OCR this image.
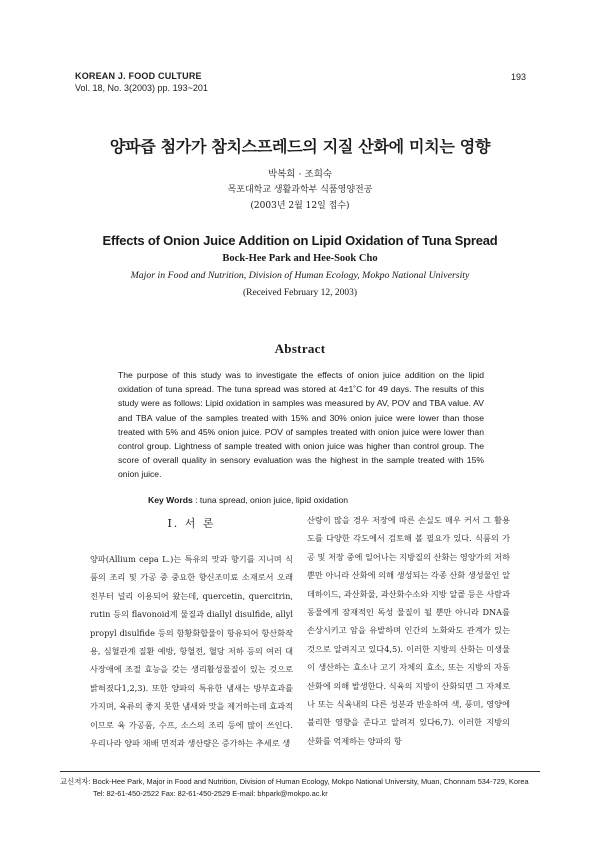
KOREAN J. FOOD CULTURE
Vol. 18, No. 3(2003) pp. 193~201
193
양파즙 첨가가 참치스프레드의 지질 산화에 미치는 영향
박복희 · 조희숙
목포대학교 생활과학부 식품영양전공
(2003년 2월 12일 접수)
Effects of Onion Juice Addition on Lipid Oxidation of Tuna Spread
Bock-Hee Park and Hee-Sook Cho
Major in Food and Nutrition, Division of Human Ecology, Mokpo National University
(Received February 12, 2003)
Abstract
The purpose of this study was to investigate the effects of onion juice addition on the lipid oxidation of tuna spread. The tuna spread was stored at 4±1˚C for 49 days. The results of this study were as follows: Lipid oxidation in samples was measured by AV, POV and TBA value. AV and TBA value of the samples treated with 15% and 30% onion juice were lower than those treated with 5% and 45% onion juice. POV of samples treated with onion juice were lower than control group. Lightness of sample treated with onion juice was higher than control group. The score of overall quality in sensory evaluation was the highest in the sample treated with 15% onion juice.
Key Words : tuna spread, onion juice, lipid oxidation
I. 서 론
양파(Allium cepa L.)는 특유의 맛과 향기를 지니며 식품의 조리 및 가공 중 중요한 향신조미료 소재로서 오래 전부터 널리 이용되어 왔는데, quercetin, quercitrin, rutin 등의 flavonoid계 물질과 diallyl disulfide, allyl propyl disulfide 등의 함황화합물이 항유되어 항산화작용, 심혈관계 질환 예방, 항혈전, 혈당 저하 등의 여러 대사장애에 조절 효능을 갖는 생리활성물질이 있는 것으로 밝혀졌다1,2,3). 또한 양파의 특유한 냄새는 방부효과를 가지며, 육류의 좋지 못한 냄새와 맛을 제거하는데 효과적이므로 육 가공품, 수프, 소스의 조리 등에 많이 쓰인다. 우리나라 양파 재배 면적과 생산량은 증가하는 추세로 생
산량이 많을 경우 저장에 따른 손실도 매우 커서 그 활용도를 다양한 각도에서 검토해 볼 필요가 있다. 식품의 가공 및 저장 중에 일어나는 지방질의 산화는 영양가의 저하뿐만 아니라 산화에 의해 생성되는 각종 산화 생성물인 알데하이드, 과산화물, 과산화수소와 지방 알콜 등은 사람과 동물에게 잠재적인 독성 물질이 될 뿐만 아니라 DNA를 손상시키고 암을 유발하며 인간의 노화와도 관계가 있는 것으로 알려지고 있다4,5). 이러한 지방의 산화는 미생물이 생산하는 효소나 고기 자체의 효소, 또는 지방의 자동산화에 의해 발생한다. 식육의 지방이 산화되면 그 자체로나 또는 식육내의 다른 성분과 반응하여 색, 풍미, 영양에 불리한 영향을 준다고 알려져 있다6,7). 이러한 지방의 산화를 억제하는 양파의 항
교신저자: Bock-Hee Park, Major in Food and Nutrition, Division of Human Ecology, Mokpo National University, Muan, Chonnam 534-729, Korea
Tel: 82-61-450-2522 Fax: 82-61-450-2529 E-mail: bhpark@mokpo.ac.kr
